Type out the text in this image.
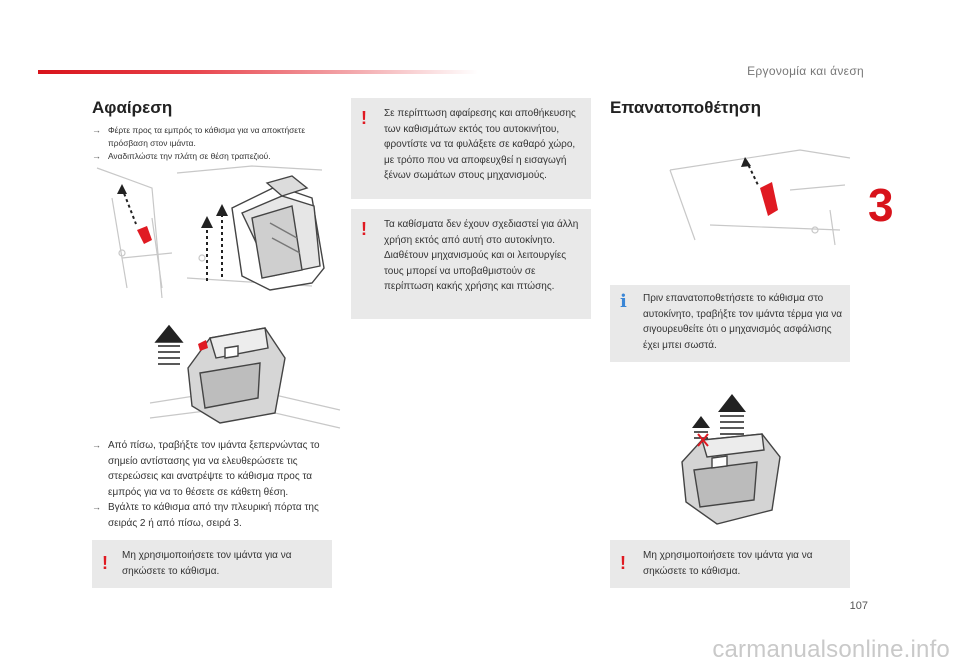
Εργονομία και άνεση
3
Αφαίρεση
→ Φέρτε προς τα εμπρός το κάθισμα για να αποκτήσετε πρόσβαση στον ιμάντα.
→ Αναδιπλώστε την πλάτη σε θέση τραπεζιού.
→ Από πίσω, τραβήξτε τον ιμάντα ξεπερνώντας το σημείο αντίστασης για να ελευθερώσετε τις στερεώσεις και ανατρέψτε το κάθισμα προς τα εμπρός για να το θέσετε σε κάθετη θέση.
→ Βγάλτε το κάθισμα από την πλευρική πόρτα της σειράς 2 ή από πίσω, σειρά 3.
! Μη χρησιμοποιήσετε τον ιμάντα για να σηκώσετε το κάθισμα.
! Σε περίπτωση αφαίρεσης και αποθήκευσης των καθισμάτων εκτός του αυτοκινήτου, φροντίστε να τα φυλάξετε σε καθαρό χώρο, με τρόπο που να αποφευχθεί η εισαγωγή ξένων σωμάτων στους μηχανισμούς.
! Τα καθίσματα δεν έχουν σχεδιαστεί για άλλη χρήση εκτός από αυτή στο αυτοκίνητο. Διαθέτουν μηχανισμούς και οι λειτουργίες τους μπορεί να υποβαθμιστούν σε περίπτωση κακής χρήσης και πτώσης.
Επανατοποθέτηση
i Πριν επανατοποθετήσετε το κάθισμα στο αυτοκίνητο, τραβήξτε τον ιμάντα τέρμα για να σιγουρευθείτε ότι ο μηχανισμός ασφάλισης έχει μπει σωστά.
! Μη χρησιμοποιήσετε τον ιμάντα για να σηκώσετε το κάθισμα.
107
carmanualsonline.info
